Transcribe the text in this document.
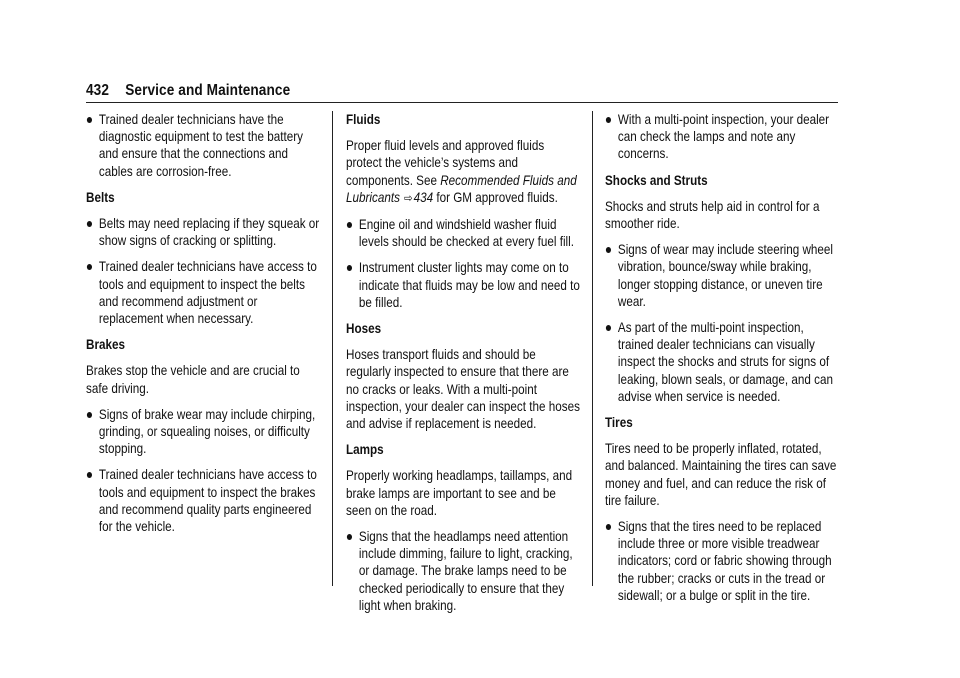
432 Service and Maintenance
Trained dealer technicians have the diagnostic equipment to test the battery and ensure that the connections and cables are corrosion-free.
Belts
Belts may need replacing if they squeak or show signs of cracking or splitting.
Trained dealer technicians have access to tools and equipment to inspect the belts and recommend adjustment or replacement when necessary.
Brakes

Brakes stop the vehicle and are crucial to safe driving.

Signs of brake wear may include chirping, grinding, or squealing noises, or difficulty stopping.
Trained dealer technicians have access to tools and equipment to inspect the brakes and recommend quality parts engineered for the vehicle.
Fluids

Proper fluid levels and approved fluids protect the vehicle’s systems and components. See Recommended Fluids and Lubricants ⇨434 for GM approved fluids.

Engine oil and windshield washer fluid levels should be checked at every fuel fill.
Instrument cluster lights may come on to indicate that fluids may be low and need to be filled.
Hoses

Hoses transport fluids and should be regularly inspected to ensure that there are no cracks or leaks. With a multi-point inspection, your dealer can inspect the hoses and advise if replacement is needed.

Lamps

Properly working headlamps, taillamps, and brake lamps are important to see and be seen on the road.

Signs that the headlamps need attention include dimming, failure to light, cracking, or damage. The brake lamps need to be checked periodically to ensure that they light when braking.
With a multi-point inspection, your dealer can check the lamps and note any concerns.
Shocks and Struts

Shocks and struts help aid in control for a smoother ride.

Signs of wear may include steering wheel vibration, bounce/sway while braking, longer stopping distance, or uneven tire wear.
As part of the multi-point inspection, trained dealer technicians can visually inspect the shocks and struts for signs of leaking, blown seals, or damage, and can advise when service is needed.
Tires

Tires need to be properly inflated, rotated, and balanced. Maintaining the tires can save money and fuel, and can reduce the risk of tire failure.

Signs that the tires need to be replaced include three or more visible treadwear indicators; cord or fabric showing through the rubber; cracks or cuts in the tread or sidewall; or a bulge or split in the tire.
